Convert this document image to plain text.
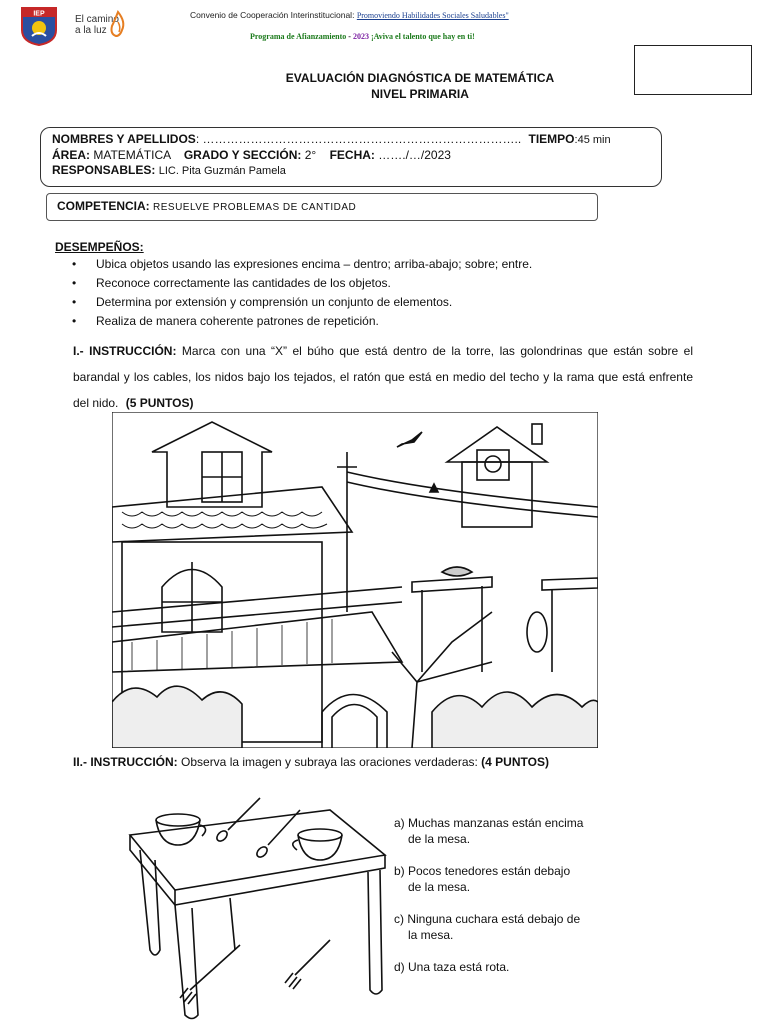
IEP	El camino
a la luz
Convenio de Cooperación Interinstitucional: Promoviendo Habilidades Sociales Saludables"
Programa de Afianzamiento - 2023 ¡Aviva el talento que hay en ti!
EVALUACIÓN DIAGNÓSTICA DE MATEMÁTICA
NIVEL PRIMARIA
NOMBRES Y APELLIDOS: …………………………………………………………………….. TIEMPO:45 min
ÁREA: MATEMÁTICA GRADO Y SECCIÓN: 2° FECHA: ……./…/2023
RESPONSABLES: LIC. Pita Guzmán Pamela
COMPETENCIA: RESUELVE PROBLEMAS DE CANTIDAD
DESEMPEÑOS:
• Ubica objetos usando las expresiones encima – dentro; arriba-abajo; sobre; entre.
• Reconoce correctamente las cantidades de los objetos.
• Determina por extensión y comprensión un conjunto de elementos.
• Realiza de manera coherente patrones de repetición.
I.- INSTRUCCIÓN: Marca con una “X” el búho que está dentro de la torre, las golondrinas que están sobre el barandal y los cables, los nidos bajo los tejados, el ratón que está en medio del techo y la rama que está enfrente del nido. (5 PUNTOS)
II.- INSTRUCCIÓN: Observa la imagen y subraya las oraciones verdaderas: (4 PUNTOS)
a) Muchas manzanas están encima
de la mesa.
b) Pocos tenedores están debajo
de la mesa.
c) Ninguna cuchara está debajo de
la mesa.
d) Una taza está rota.
